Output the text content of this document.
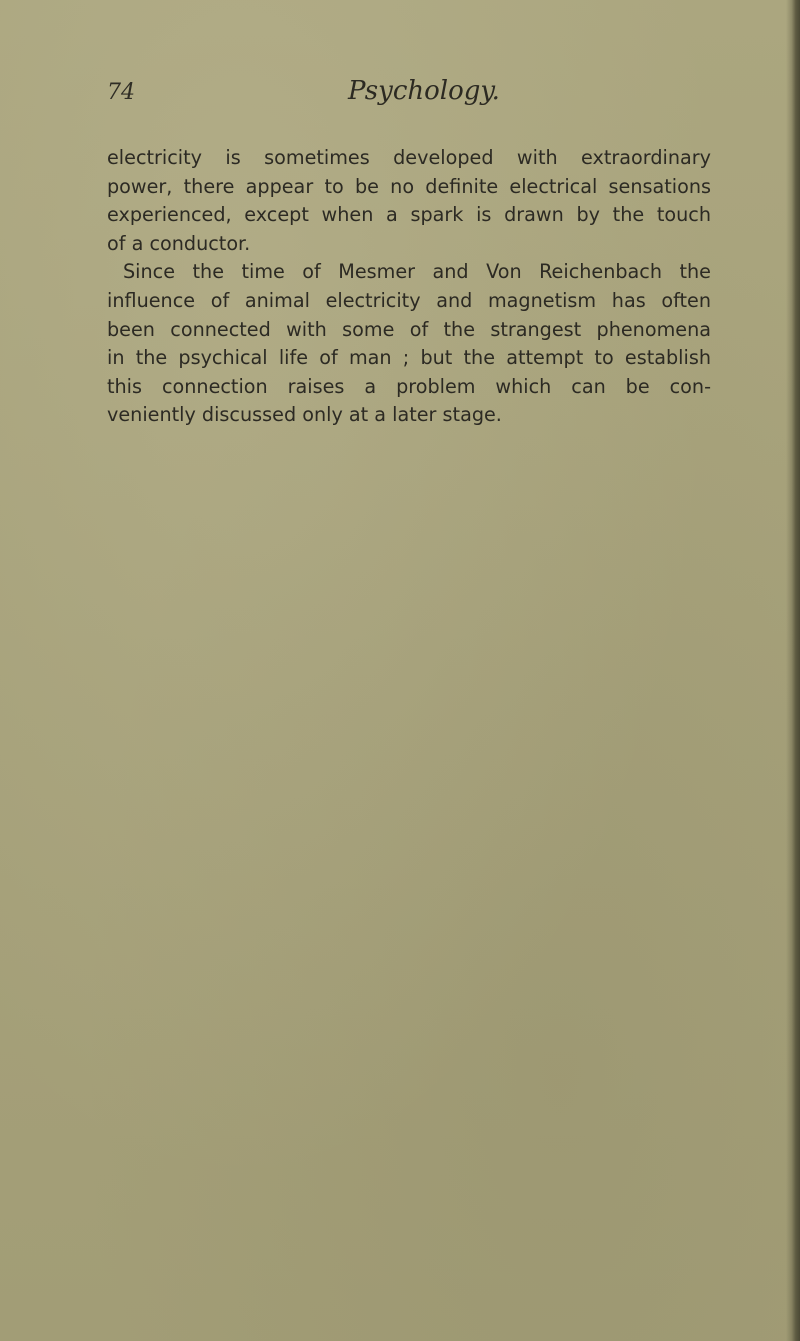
74	Psychology.
electricity is sometimes developed with extraordinary
power, there appear to be no definite electrical sensations
experienced, except when a spark is drawn by the touch
of a conductor.
Since the time of Mesmer and Von Reichenbach the
influence of animal electricity and magnetism has often
been connected with some of the strangest phenomena
in the psychical life of man ; but the attempt to establish
this connection raises a problem which can be con-
veniently discussed only at a later stage.
